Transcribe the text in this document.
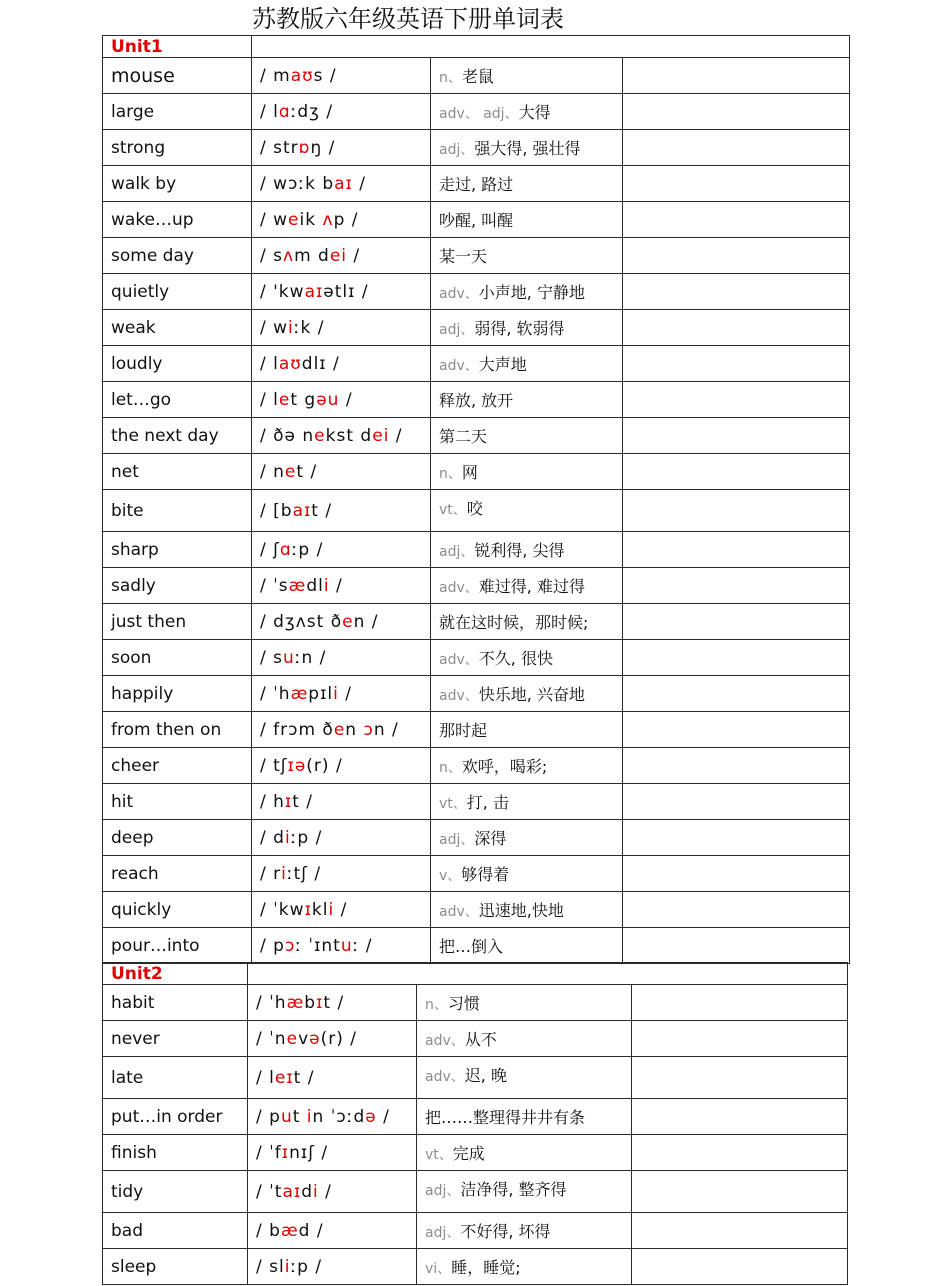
苏教版六年级英语下册单词表
Unit1			
mouse	/ maʊs /	n、老鼠	
large	/ lɑːdʒ /	adv、 adj、大得	
strong	/ strɒŋ /	adj、强大得, 强壮得	
walk by	/ wɔːk baɪ /	走过, 路过	
wake…up	/ weik ʌp /	吵醒, 叫醒	
some day	/ sʌm dei /	某一天	
quietly	/ 'kwaɪətlɪ /	adv、小声地, 宁静地	
weak	/ wiːk /	adj、弱得, 软弱得	
loudly	/ laʊdlɪ /	adv、大声地	
let…go	/ let gəu /	释放, 放开	
the next day	/ ðə nekst dei /	第二天	
net	/ net /	n、网	
bite	/ [baɪt /	vt、咬	
sharp	/ ʃɑːp /	adj、锐利得, 尖得	
sadly	/ ˈsædli /	adv、难过得, 难过得	
just then	/ dʒʌst ðen /	就在这时候，那时候;	
soon	/ suːn /	adv、不久, 很快	
happily	/ ˈhæpɪli /	adv、快乐地, 兴奋地	
from then on	/ frɔm ðen ɔn /	那时起	
cheer	/ tʃɪə(r) /	n、欢呼，喝彩;	
hit	/ hɪt /	vt、打, 击	
deep	/ diːp /	adj、深得	
reach	/ riːtʃ /	v、够得着	
quickly	/ ˈkwɪkli /	adv、迅速地,快地	
pour…into	/ pɔː ˈɪntuː /	把…倒入	
Unit2			
habit	/ ˈhæbɪt /	n、习惯	
never	/ ˈnevə(r) /	adv、从不	
late	/ leɪt /	adv、迟, 晚	
put…in order	/ put in ˈɔːdə /	把……整理得井井有条	
finish	/ ˈfɪnɪʃ /	vt、完成	
tidy	/ ˈtaɪdi /	adj、洁净得, 整齐得	
bad	/ bæd /	adj、不好得, 坏得	
sleep	/ sliːp /	vi、睡，睡觉;	
